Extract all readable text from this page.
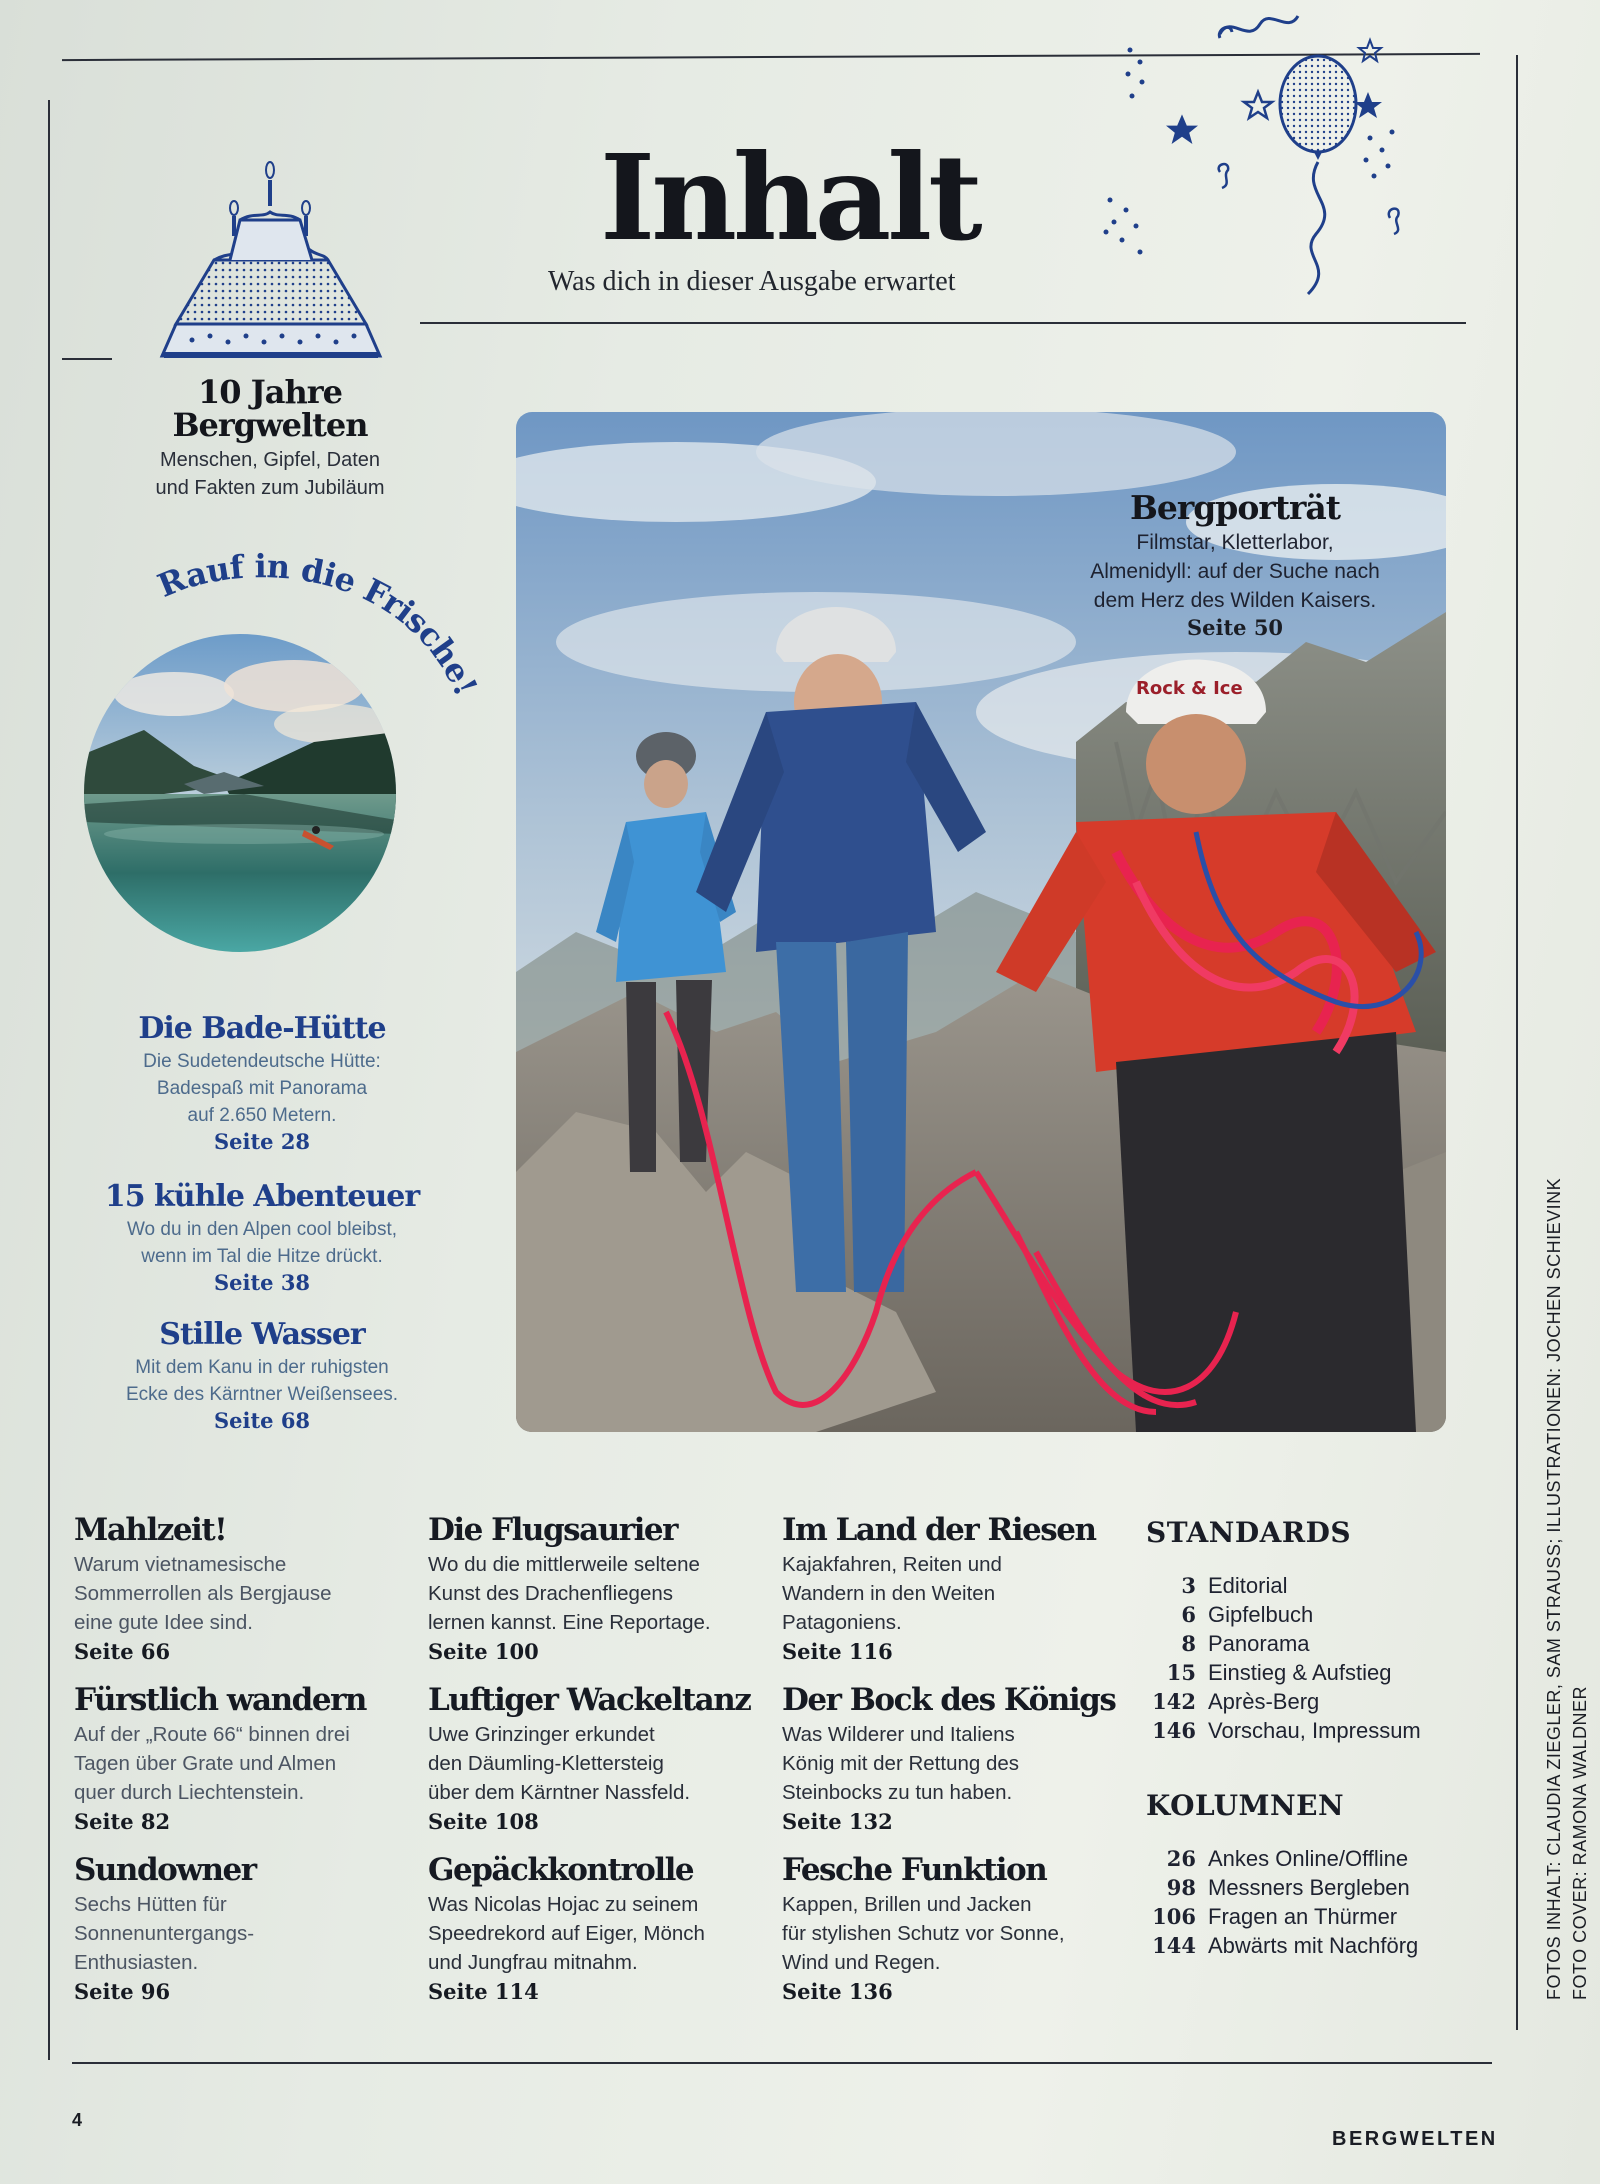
Inhalt
Was dich in dieser Ausgabe erwartet
10 Jahre
Bergwelten
Menschen, Gipfel, Daten
und Fakten zum Jubiläum
Rauf in die Frische!
Die Bade-Hütte
Die Sudetendeutsche Hütte:
Badespaß mit Panorama
auf 2.650 Metern.
Seite 28
15 kühle Abenteuer
Wo du in den Alpen cool bleibst,
wenn im Tal die Hitze drückt.
Seite 38
Stille Wasser
Mit dem Kanu in der ruhigsten
Ecke des Kärntner Weißensees.
Seite 68
Rock & Ice
Bergporträt
Filmstar, Kletterlabor,
Almenidyll: auf der Suche nach
dem Herz des Wilden Kaisers.
Seite 50
Mahlzeit!
Warum vietnamesische
Sommerrollen als Bergjause
eine gute Idee sind.
Seite 66
Fürstlich wandern
Auf der „Route 66“ binnen drei
Tagen über Grate und Almen
quer durch Liechtenstein.
Seite 82
Sundowner
Sechs Hütten für
Sonnenuntergangs-
Enthusiasten.
Seite 96
Die Flugsaurier
Wo du die mittlerweile seltene
Kunst des Drachenfliegens
lernen kannst. Eine Reportage.
Seite 100
Luftiger Wackeltanz
Uwe Grinzinger erkundet
den Däumling-Klettersteig
über dem Kärntner Nassfeld.
Seite 108
Gepäckkontrolle
Was Nicolas Hojac zu seinem
Speedrekord auf Eiger, Mönch
und Jungfrau mitnahm.
Seite 114
Im Land der Riesen
Kajakfahren, Reiten und
Wandern in den Weiten
Patagoniens.
Seite 116
Der Bock des Königs
Was Wilderer und Italiens
König mit der Rettung des
Steinbocks zu tun haben.
Seite 132
Fesche Funktion
Kappen, Brillen und Jacken
für stylishen Schutz vor Sonne,
Wind und Regen.
Seite 136
STANDARDS
3 Editorial
6 Gipfelbuch
8 Panorama
15 Einstieg & Aufstieg
142 Après-Berg
146 Vorschau, Impressum
KOLUMNEN
26 Ankes Online/Offline
98 Messners Bergleben
106 Fragen an Thürmer
144 Abwärts mit Nachförg	FOTOS INHALT: CLAUDIA ZIEGLER, SAM STRAUSS; ILLUSTRATIONEN: JOCHEN SCHIEVINK FOTO COVER: RAMONA WALDNER
4
BERGWELTEN
